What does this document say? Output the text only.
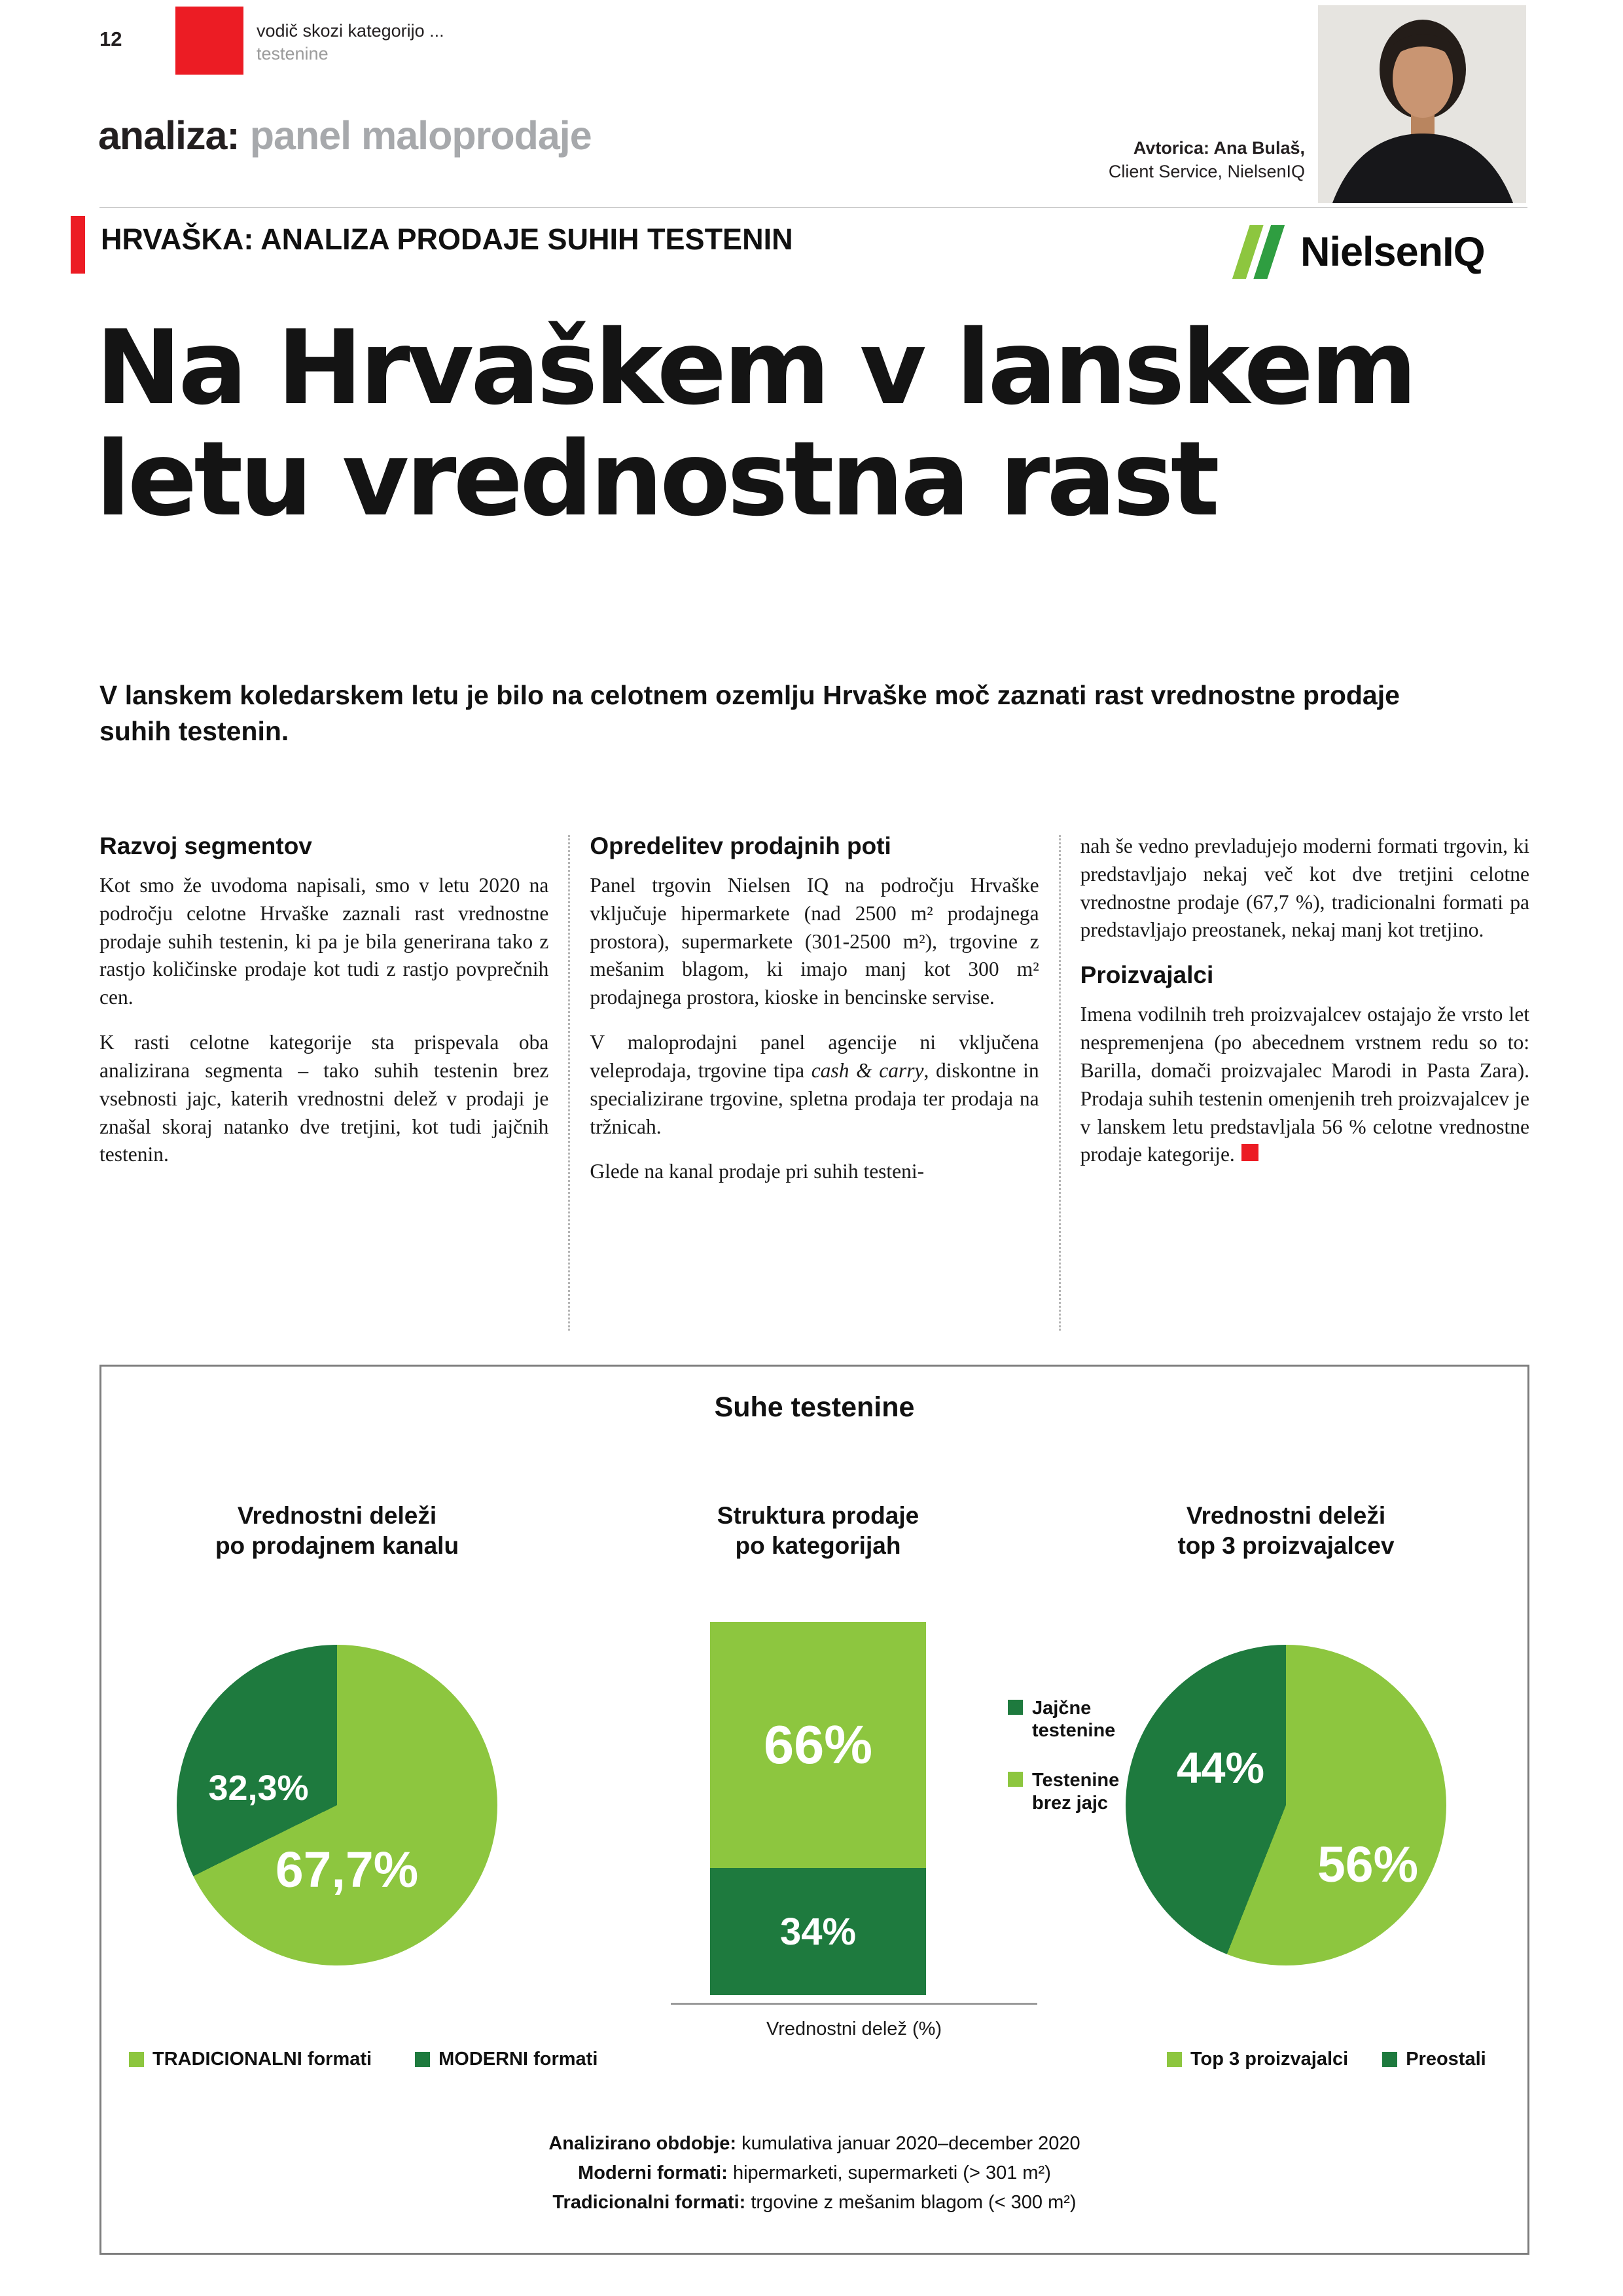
12	vodič skozi kategorijo ...
testenine
analiza: panel maloprodaje	Avtorica: Ana Bulaš,
Client Service, NielsenIQ
HRVAŠKA: ANALIZA PRODAJE SUHIH TESTENIN	NielsenIQ
Na Hrvaškem v lanskem
letu vrednostna rast

V lanskem koledarskem letu je bilo na celotnem ozemlju Hrvaške moč zaznati rast vrednostne prodaje suhih testenin.

Razvoj segmentov

Kot smo že uvodoma napisali, smo v letu 2020 na področju celotne Hrvaške zaznali rast vrednostne prodaje suhih testenin, ki pa je bila generirana tako z rastjo količinske prodaje kot tudi z rastjo povprečnih cen.

K rasti celotne kategorije sta prispevala oba analizirana segmenta – tako suhih testenin brez vsebnosti jajc, katerih vrednostni delež v prodaji je znašal skoraj natanko dve tretjini, kot tudi jajčnih testenin.

Opredelitev prodajnih poti

Panel trgovin Nielsen IQ na področju Hrvaške vključuje hipermarkete (nad 2500 m² prodajnega prostora), supermarkete (301-2500 m²), trgovine z mešanim blagom, ki imajo manj kot 300 m² prodajnega prostora, kioske in bencinske servise.

V maloprodajni panel agencije ni vključena veleprodaja, trgovine tipa cash & carry, diskontne in specializirane trgovine, spletna prodaja ter prodaja na tržnicah.

Glede na kanal prodaje pri suhih testeni-

nah še vedno prevladujejo moderni formati trgovin, ki predstavljajo nekaj več kot dve tretjini celotne vrednostne prodaje (67,7 %), tradicionalni formati pa predstavljajo preostanek, nekaj manj kot tretjino.

Proizvajalci

Imena vodilnih treh proizvajalcev ostajajo že vrsto let nespremenjena (po abecednem vrstnem redu so to: Barilla, domači proizvajalec Marodi in Pasta Zara). Prodaja suhih testenin omenjenih treh proizvajalcev je v lanskem letu predstavljala 56 % celotne vrednostne prodaje kategorije.

Suhe testenine
Vrednostni deleži
po prodajnem kanalu
Struktura prodaje
po kategorijah
Vrednostni deleži
top 3 proizvajalcev
32,3%
67,7%
66%
34%
Vrednostni delež (%)
Jajčne testenine
Testenine brez jajc
44%
56%
TRADICIONALNI formati	MODERNI formati	Top 3 proizvajalci	Preostali
Analizirano obdobje: kumulativa januar 2020–december 2020
Moderni formati: hipermarketi, supermarketi (> 301 m²)
Tradicionalni formati: trgovine z mešanim blagom (< 300 m²)
